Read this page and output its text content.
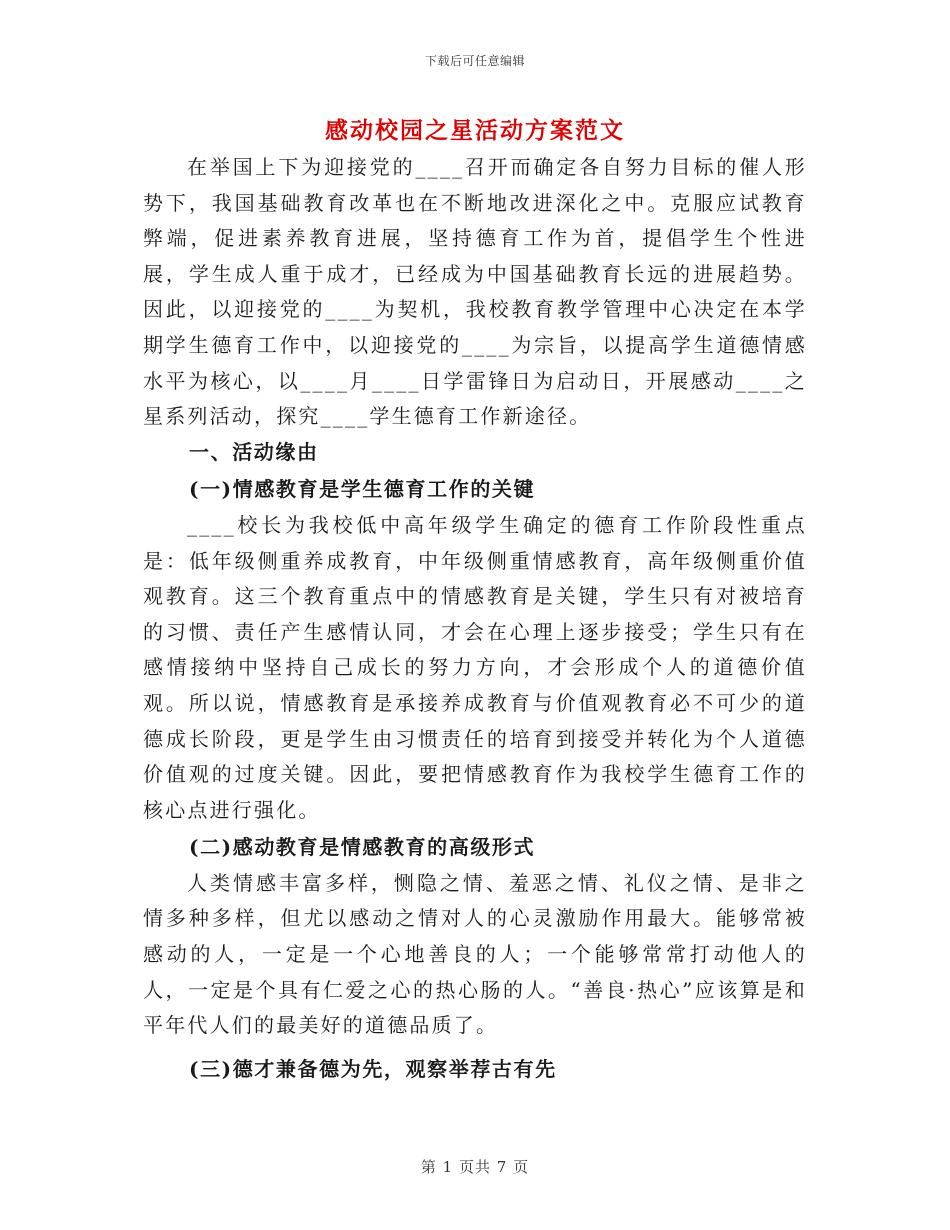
下载后可任意编辑
感动校园之星活动方案范文

在举国上下为迎接党的____召开而确定各自努力目标的催人形势下，我国基础教育改革也在不断地改进深化之中。克服应试教育弊端，促进素养教育进展，坚持德育工作为首，提倡学生个性进展，学生成人重于成才，已经成为中国基础教育长远的进展趋势。因此，以迎接党的____为契机，我校教育教学管理中心决定在本学期学生德育工作中，以迎接党的____为宗旨，以提高学生道德情感水平为核心，以____月____日学雷锋日为启动日，开展感动____之星系列活动，探究____学生德育工作新途径。

一、活动缘由
(一)情感教育是学生德育工作的关键

____校长为我校低中高年级学生确定的德育工作阶段性重点是：低年级侧重养成教育，中年级侧重情感教育，高年级侧重价值观教育。这三个教育重点中的情感教育是关键，学生只有对被培育的习惯、责任产生感情认同，才会在心理上逐步接受；学生只有在感情接纳中坚持自己成长的努力方向，才会形成个人的道德价值观。所以说，情感教育是承接养成教育与价值观教育必不可少的道德成长阶段，更是学生由习惯责任的培育到接受并转化为个人道德价值观的过度关键。因此，要把情感教育作为我校学生德育工作的核心点进行强化。

(二)感动教育是情感教育的高级形式

人类情感丰富多样，恻隐之情、羞恶之情、礼仪之情、是非之情多种多样，但尤以感动之情对人的心灵激励作用最大。能够常被感动的人，一定是一个心地善良的人；一个能够常常打动他人的人，一定是个具有仁爱之心的热心肠的人。“善良·热心”应该算是和平年代人们的最美好的道德品质了。

(三)德才兼备德为先，观察举荐古有先
第 1 页共 7 页
